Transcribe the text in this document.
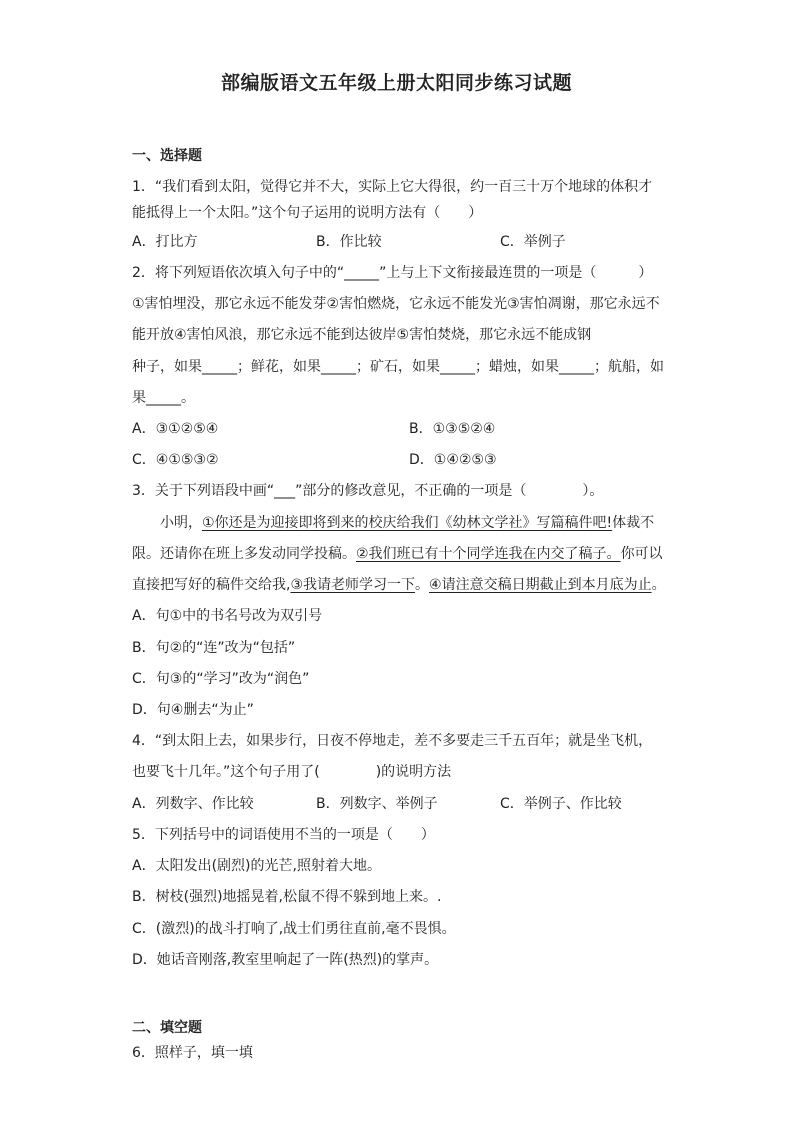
部编版语文五年级上册太阳同步练习试题
一、选择题
1．“我们看到太阳，觉得它并不大，实际上它大得很，约一百三十万个地球的体积才
能抵得上一个太阳。”这个句子运用的说明方法有（　　）
A．打比方	B．作比较	C．举例子
2．将下列短语依次填入句子中的“_____”上与上下文衔接最连贯的一项是（　　　）
①害怕埋没，那它永远不能发芽②害怕燃烧，它永远不能发光③害怕凋谢，那它永远不
能开放④害怕风浪，那它永远不能到达彼岸⑤害怕焚烧，那它永远不能成钢
种子，如果_____；鲜花，如果_____；矿石，如果_____；蜡烛，如果_____；航船，如
果_____。
A．③①②⑤④	B．①③⑤②④
C．④①⑤③②	D．①④②⑤③
3．关于下列语段中画“___”部分的修改意见，不正确的一项是（　　　　）。
小明，①你还是为迎接即将到来的校庆给我们《幼林文学社》写篇稿件吧!体裁不
限。还请你在班上多发动同学投稿。②我们班已有十个同学连我在内交了稿子。你可以
直接把写好的稿件交给我,③我请老师学习一下。④请注意交稿日期截止到本月底为止。
A．句①中的书名号改为双引号
B．句②的“连”改为“包括”
C．句③的“学习”改为“润色”
D．句④删去“为止”
4．“到太阳上去，如果步行，日夜不停地走，差不多要走三千五百年；就是坐飞机，
也要飞十几年。”这个句子用了(　　　　)的说明方法
A．列数字、作比较	B．列数字、举例子	C．举例子、作比较
5．下列括号中的词语使用不当的一项是（　　）
A．太阳发出(剧烈)的光芒,照射着大地。
B．树枝(强烈)地摇晃着,松鼠不得不躲到地上来。.
C．(激烈)的战斗打响了,战士们勇往直前,毫不畏惧。
D．她话音刚落,教室里响起了一阵(热烈)的掌声。
二、填空题
6．照样子，填一填
